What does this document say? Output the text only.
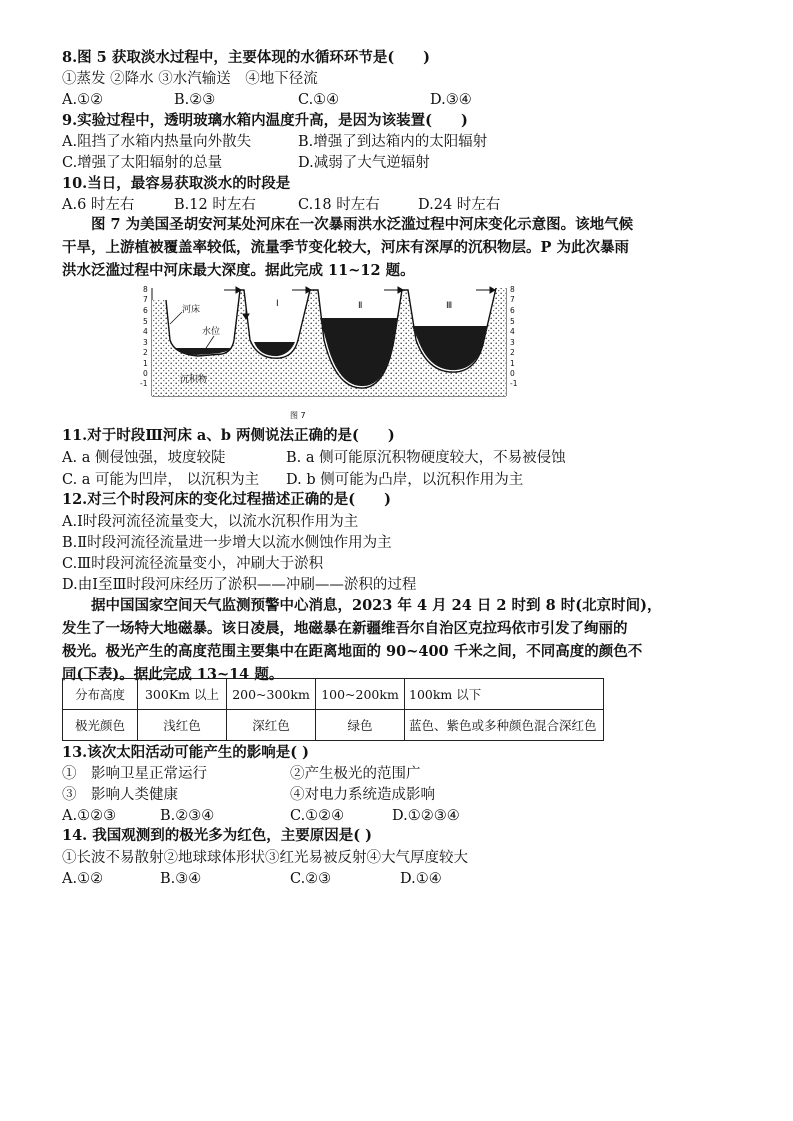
8.图 5 获取淡水过程中，主要体现的水循环环节是(　　)
①蒸发 ②降水 ③水汽输送　④地下径流
A.①②	B.②③	C.①④	D.③④
9.实验过程中，透明玻璃水箱内温度升高，是因为该装置(　　)
A.阻挡了水箱内热量向外散失	B.增强了到达箱内的太阳辐射
C.增强了太阳辐射的总量	D.减弱了大气逆辐射
10.当日，最容易获取淡水的时段是
A.6 时左右	B.12 时左右	C.18 时左右	D.24 时左右

图 7 为美国圣胡安河某处河床在一次暴雨洪水泛滥过程中河床变化示意图。该地气候

干旱，上游植被覆盖率较低，流量季节变化较大，河床有深厚的沉积物层。P 为此次暴雨

洪水泛滥过程中河床最大深度。据此完成 11~12 题。

8
7
6
5
4
3
2
1
0
-1
8
7
6
5
4
3
2
1
0
-1
河床
水位
沉积物
Ⅰ	Ⅱ	Ⅲ
图 7
11.对于时段Ⅲ河床 a、b 两侧说法正确的是(　　)
A. a 侧侵蚀强，坡度较陡	B. a 侧可能原沉积物硬度较大，不易被侵蚀
C. a 可能为凹岸， 以沉积为主 D. b 侧可能为凸岸，以沉积作用为主
12.对三个时段河床的变化过程描述正确的是(　　)
A.Ⅰ时段河流径流量变大，以流水沉积作用为主
B.Ⅱ时段河流径流量进一步增大以流水侧蚀作用为主
C.Ⅲ时段河流径流量变小，冲刷大于淤积
D.由Ⅰ至Ⅲ时段河床经历了淤积——冲刷——淤积的过程

据中国国家空间天气监测预警中心消息，2023 年 4 月 24 日 2 时到 8 时(北京时间)，

发生了一场特大地磁暴。该日凌晨，地磁暴在新疆维吾尔自治区克拉玛依市引发了绚丽的

极光。极光产生的高度范围主要集中在距离地面的 90~400 千米之间，不同高度的颜色不

同(下表)。据此完成 13~14 题。

分布高度	300Km 以上	200~300km	100~200km	100km 以下
极光颜色	浅红色	深红色	绿色	蓝色、紫色或多种颜色混合深红色
13.该次太阳活动可能产生的影响是( )
①　影响卫星正常运行	②产生极光的范围广
③　影响人类健康	④对电力系统造成影响
A.①②③	B.②③④	C.①②④	D.①②③④
14. 我国观测到的极光多为红色，主要原因是( )
①长波不易散射②地球球体形状③红光易被反射④大气厚度较大
A.①②	B.③④	C.②③	D.①④
